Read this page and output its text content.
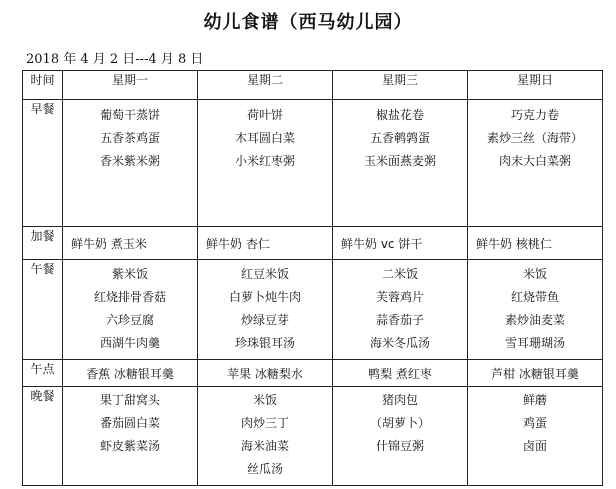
幼儿食谱（西马幼儿园）
2018 年 4 月 2 日---4 月 8 日
时间	星期一	星期二	星期三	星期日
早餐	葡萄干蒸饼
五香茶鸡蛋
香米紫米粥	荷叶饼
木耳圆白菜
小米红枣粥	椒盐花卷
五香鹌鹑蛋
玉米面燕麦粥	巧克力卷
素炒三丝（海带）
肉末大白菜粥

加餐	鲜牛奶 煮玉米	鲜牛奶 杏仁	鲜牛奶 vc 饼干	鲜牛奶 核桃仁
午餐	紫米饭
红烧排骨香菇
六珍豆腐
西湖牛肉羹	红豆米饭
白萝卜炖牛肉
炒绿豆芽
珍珠银耳汤	二米饭
芙蓉鸡片
蒜香茄子
海米冬瓜汤	米饭
红烧带鱼
素炒油麦菜
雪耳珊瑚汤

午点	香蕉 冰糖银耳羹	苹果 冰糖梨水	鸭梨 煮红枣	芦柑 冰糖银耳羹
晚餐	果丁甜窝头
番茄圆白菜
虾皮紫菜汤	米饭
肉炒三丁
海米油菜
丝瓜汤	猪肉包
（胡萝卜）
什锦豆粥	鲜蘑
鸡蛋
卤面
